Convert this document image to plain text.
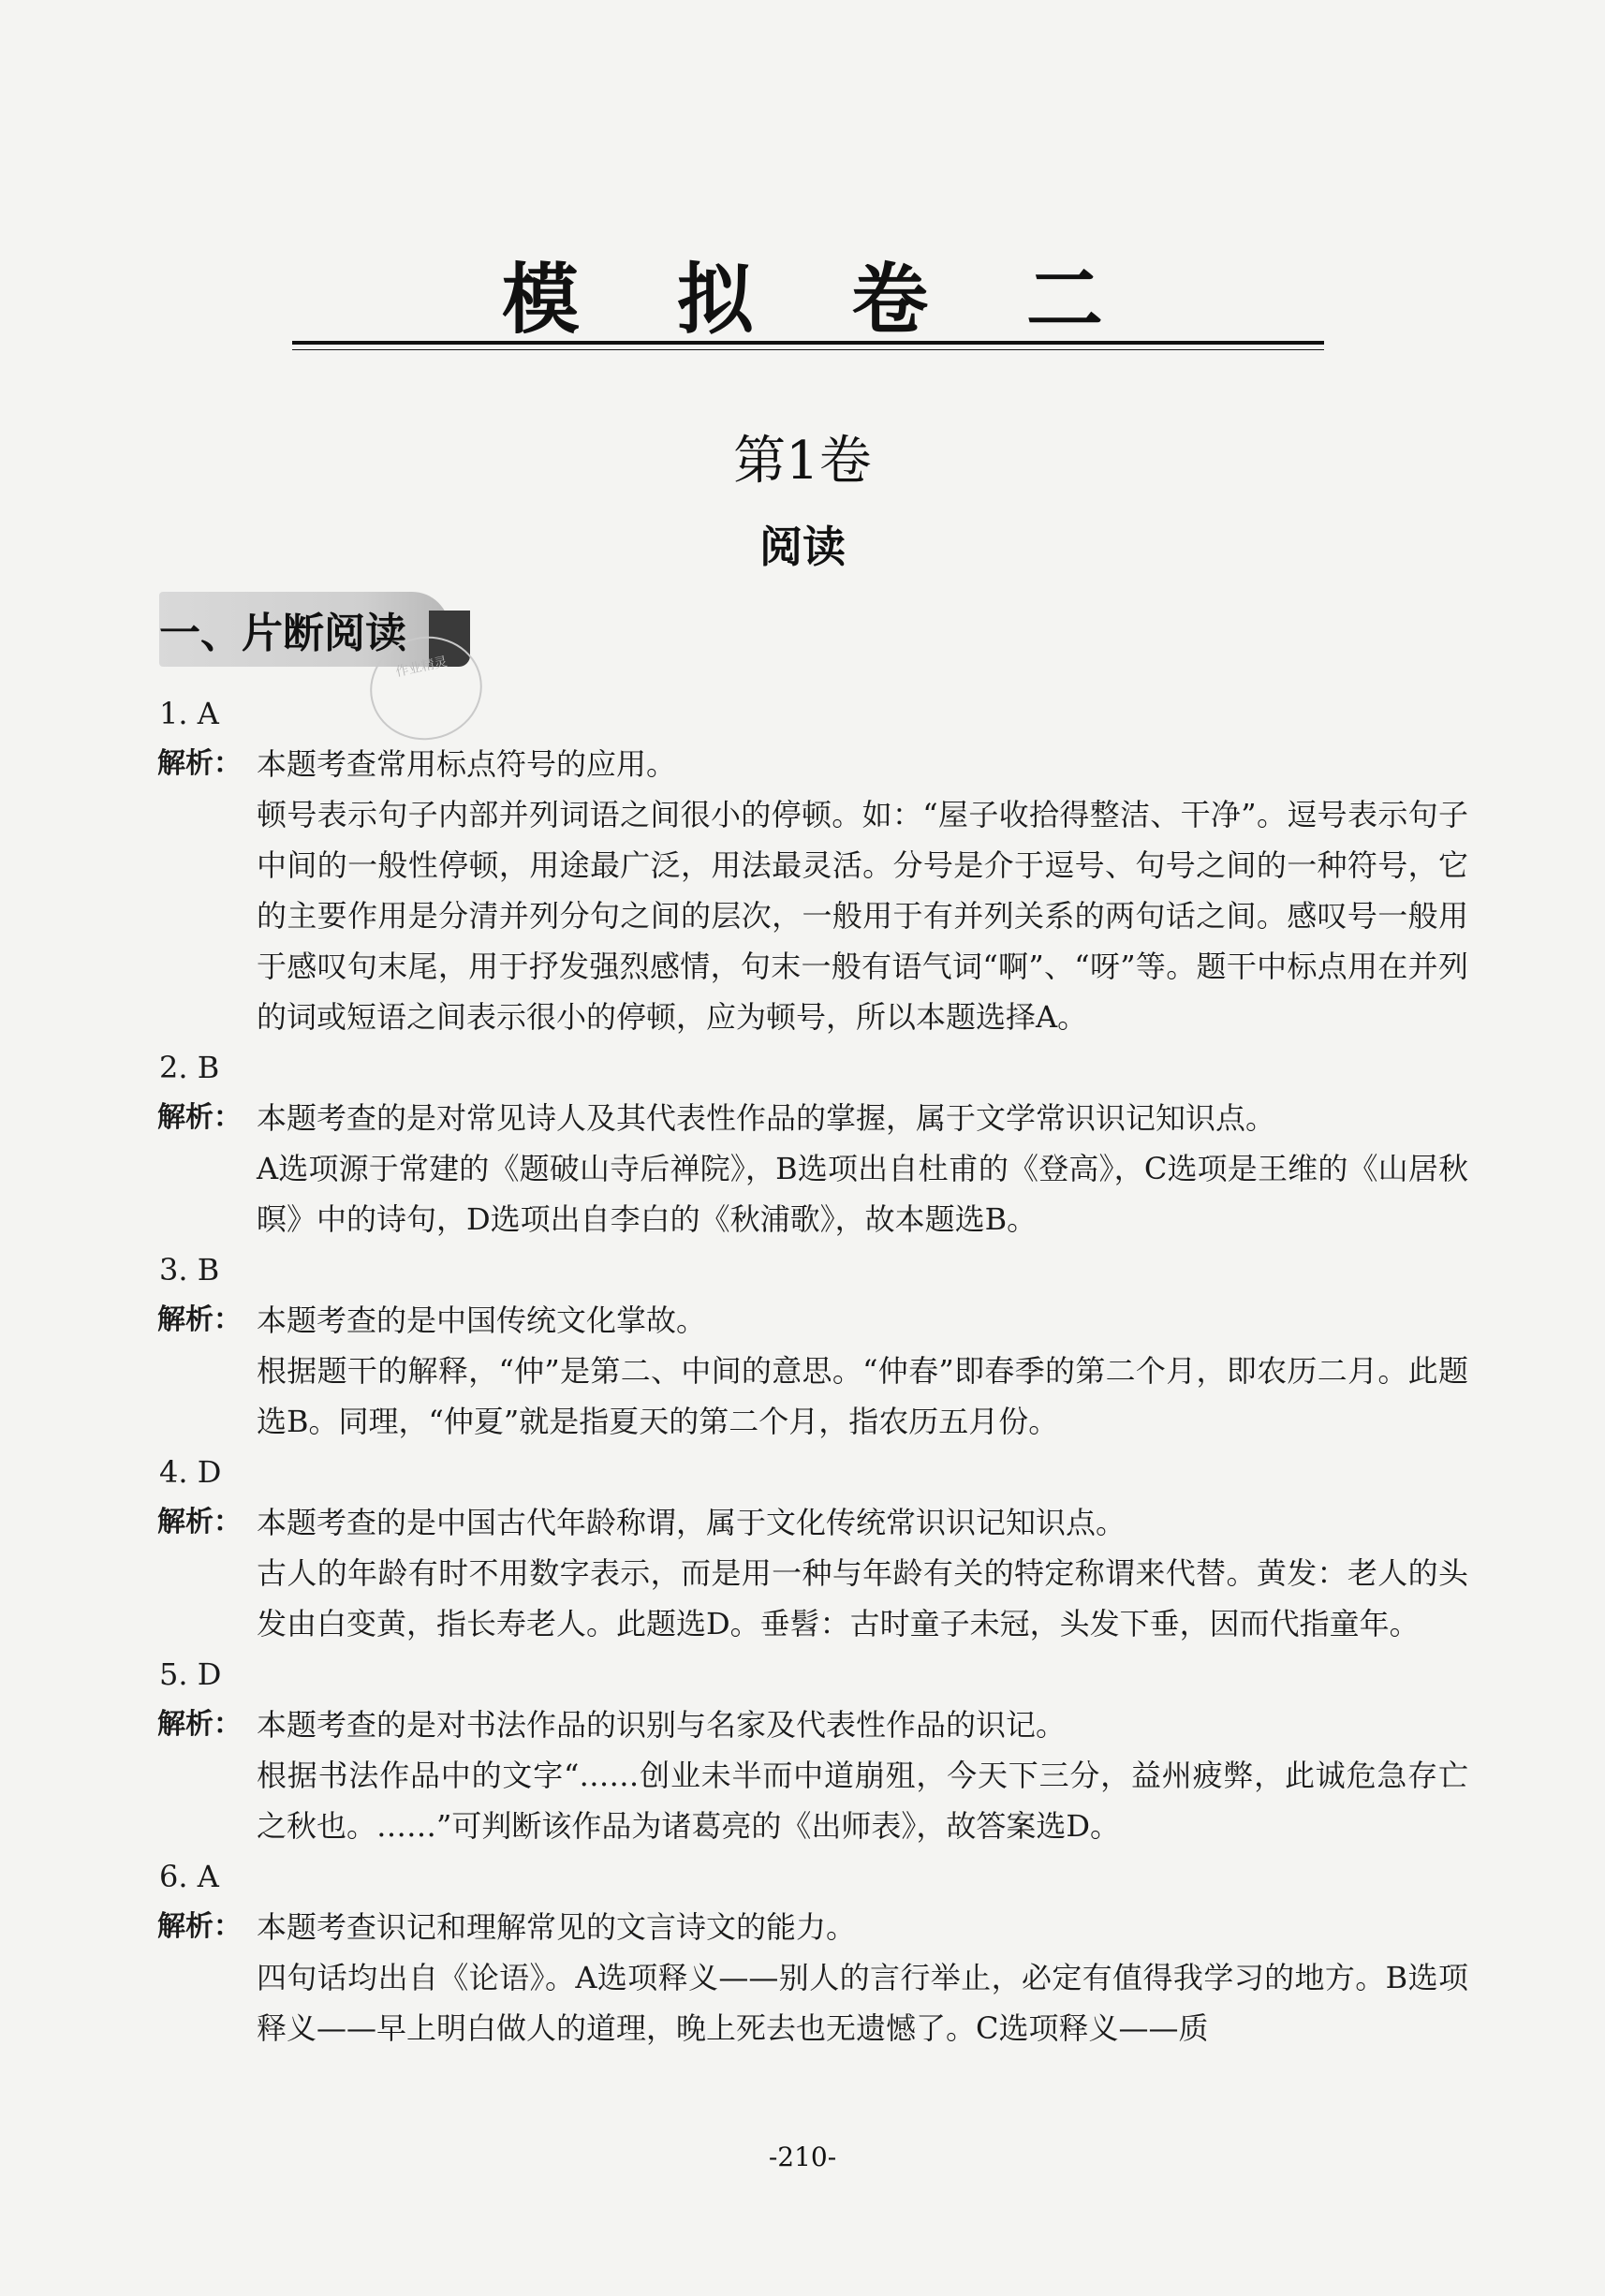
模 拟 卷 二
第1卷
阅读
一、片断阅读
作业精灵
1. A
解析： 本题考查常用标点符号的应用。

顿号表示句子内部并列词语之间很小的停顿。如：“屋子收拾得整洁、干净”。逗号表示句子中间的一般性停顿，用途最广泛，用法最灵活。分号是介于逗号、句号之间的一种符号，它的主要作用是分清并列分句之间的层次，一般用于有并列关系的两句话之间。感叹号一般用于感叹句末尾，用于抒发强烈感情，句末一般有语气词“啊”、“呀”等。题干中标点用在并列的词或短语之间表示很小的停顿，应为顿号，所以本题选择A。

2. B
解析： 本题考查的是对常见诗人及其代表性作品的掌握，属于文学常识识记知识点。

A选项源于常建的《题破山寺后禅院》，B选项出自杜甫的《登高》，C选项是王维的《山居秋暝》中的诗句，D选项出自李白的《秋浦歌》，故本题选B。

3. B
解析： 本题考查的是中国传统文化掌故。

根据题干的解释，“仲”是第二、中间的意思。“仲春”即春季的第二个月，即农历二月。此题选B。同理，“仲夏”就是指夏天的第二个月，指农历五月份。

4. D
解析： 本题考查的是中国古代年龄称谓，属于文化传统常识识记知识点。

古人的年龄有时不用数字表示，而是用一种与年龄有关的特定称谓来代替。黄发：老人的头发由白变黄，指长寿老人。此题选D。垂髫：古时童子未冠，头发下垂，因而代指童年。

5. D
解析： 本题考查的是对书法作品的识别与名家及代表性作品的识记。

根据书法作品中的文字“……创业未半而中道崩殂，今天下三分，益州疲弊，此诚危急存亡之秋也。……”可判断该作品为诸葛亮的《出师表》，故答案选D。

6. A
解析： 本题考查识记和理解常见的文言诗文的能力。

四句话均出自《论语》。A选项释义——别人的言行举止，必定有值得我学习的地方。B选项释义——早上明白做人的道理，晚上死去也无遗憾了。C选项释义——质

-210-
